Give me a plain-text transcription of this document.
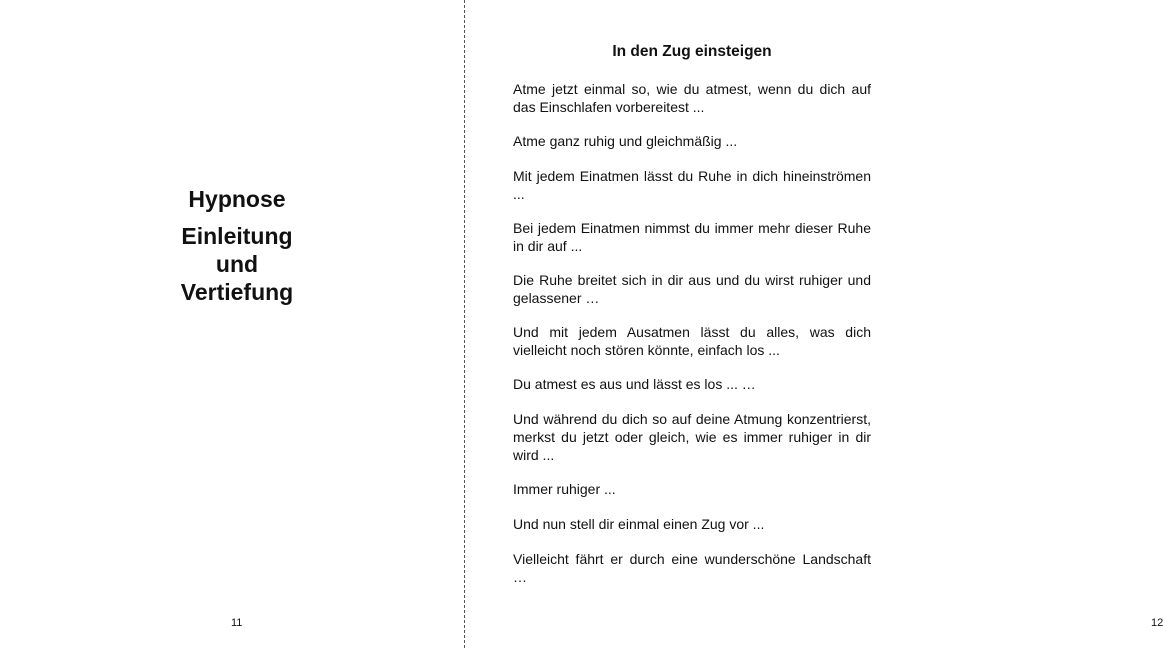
Hypnose
Einleitung
und
Vertiefung
11
In den Zug einsteigen

Atme jetzt einmal so, wie du atmest, wenn du dich auf das Einschlafen vorbereitest ...

Atme ganz ruhig und gleichmäßig ...

Mit jedem Einatmen lässt du Ruhe in dich hineinströmen ...

Bei jedem Einatmen nimmst du immer mehr dieser Ruhe in dir auf ...

Die Ruhe breitet sich in dir aus und du wirst ruhiger und gelassener …

Und mit jedem Ausatmen lässt du alles, was dich vielleicht noch stören könnte, einfach los ...

Du atmest es aus und lässt es los ... …

Und während du dich so auf deine Atmung konzentrierst, merkst du jetzt oder gleich, wie es immer ruhiger in dir wird ...

Immer ruhiger ...

Und nun stell dir einmal einen Zug vor ...

Vielleicht fährt er durch eine wunderschöne Landschaft …

12
